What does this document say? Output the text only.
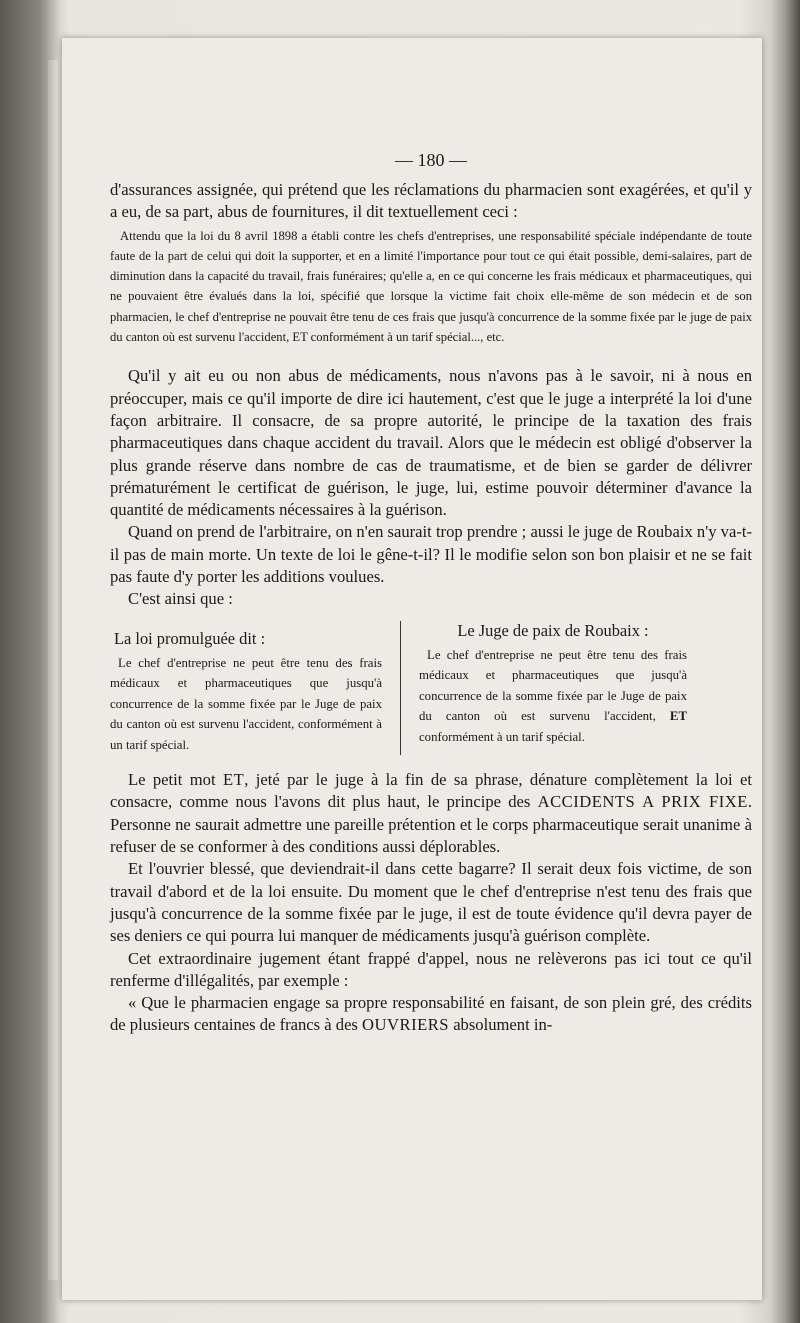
— 180 —

d'assurances assignée, qui prétend que les réclamations du pharmacien sont exagérées, et qu'il y a eu, de sa part, abus de fournitures, il dit textuellement ceci :

Attendu que la loi du 8 avril 1898 a établi contre les chefs d'entreprises, une responsabilité spéciale indépendante de toute faute de la part de celui qui doit la supporter, et en a limité l'importance pour tout ce qui était possible, demi-salaires, part de diminution dans la capacité du travail, frais funéraires; qu'elle a, en ce qui concerne les frais médicaux et pharmaceutiques, qui ne pouvaient être évalués dans la loi, spécifié que lorsque la victime fait choix elle-même de son médecin et de son pharmacien, le chef d'entreprise ne pouvait être tenu de ces frais que jusqu'à concurrence de la somme fixée par le juge de paix du canton où est survenu l'accident, ET conformément à un tarif spécial..., etc.

Qu'il y ait eu ou non abus de médicaments, nous n'avons pas à le savoir, ni à nous en préoccuper, mais ce qu'il importe de dire ici hautement, c'est que le juge a interprété la loi d'une façon arbitraire. Il consacre, de sa propre autorité, le principe de la taxation des frais pharmaceutiques dans chaque accident du travail. Alors que le médecin est obligé d'observer la plus grande réserve dans nombre de cas de traumatisme, et de bien se garder de délivrer prématurément le certificat de guérison, le juge, lui, estime pouvoir déterminer d'avance la quantité de médicaments nécessaires à la guérison.

Quand on prend de l'arbitraire, on n'en saurait trop prendre ; aussi le juge de Roubaix n'y va-t-il pas de main morte. Un texte de loi le gêne-t-il? Il le modifie selon son bon plaisir et ne se fait pas faute d'y porter les additions voulues.

C'est ainsi que :

La loi promulguée dit :

Le chef d'entreprise ne peut être tenu des frais médicaux et pharmaceutiques que jusqu'à concurrence de la somme fixée par le Juge de paix du canton où est survenu l'accident, conformément à un tarif spécial.

Le Juge de paix de Roubaix :

Le chef d'entreprise ne peut être tenu des frais médicaux et pharmaceutiques que jusqu'à concurrence de la somme fixée par le Juge de paix du canton où est survenu l'accident, ET conformément à un tarif spécial.

Le petit mot ET, jeté par le juge à la fin de sa phrase, dénature complètement la loi et consacre, comme nous l'avons dit plus haut, le principe des ACCIDENTS A PRIX FIXE. Personne ne saurait admettre une pareille prétention et le corps pharmaceutique serait unanime à refuser de se conformer à des conditions aussi déplorables.

Et l'ouvrier blessé, que deviendrait-il dans cette bagarre? Il serait deux fois victime, de son travail d'abord et de la loi ensuite. Du moment que le chef d'entreprise n'est tenu des frais que jusqu'à concurrence de la somme fixée par le juge, il est de toute évidence qu'il devra payer de ses deniers ce qui pourra lui manquer de médicaments jusqu'à guérison complète.

Cet extraordinaire jugement étant frappé d'appel, nous ne relèverons pas ici tout ce qu'il renferme d'illégalités, par exemple :

« Que le pharmacien engage sa propre responsabilité en faisant, de son plein gré, des crédits de plusieurs centaines de francs à des OUVRIERS absolument in-
